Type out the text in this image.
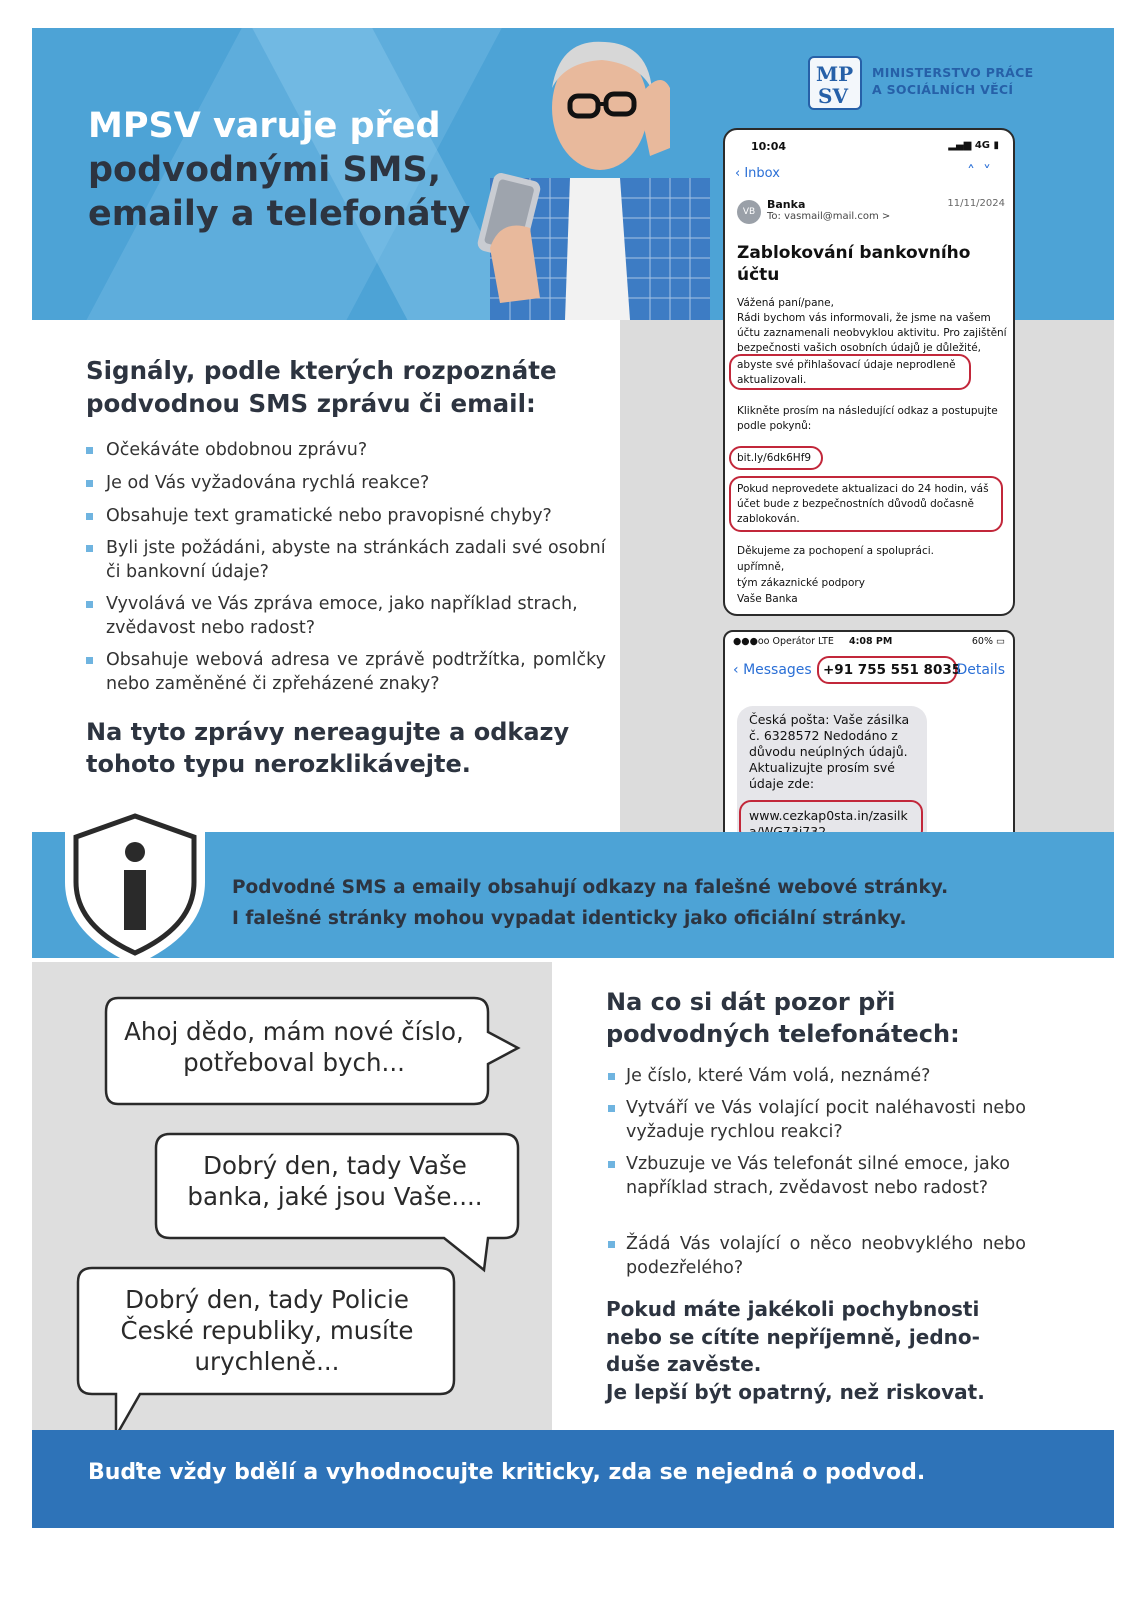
MPSV varuje před
podvodnými SMS,
emaily a telefonáty
MP
SV
MINISTERSTVO PRÁCE
A SOCIÁLNÍCH VĚCÍ
10:04	▂▄▆ 4G ▮
‹ Inbox	˄˅
VB
Banka
To: vasmail@mail.com >
11/11/2024
Zablokování bankovního účtu
Vážená paní/pane,
Rádi bychom vás informovali, že jsme na vašem účtu zaznamenali neobvyklou aktivitu. Pro zajištění bezpečnosti vašich osobních údajů je důležité,
abyste své přihlašovací údaje neprodleně aktualizovali.
Klikněte prosím na následující odkaz a postupujte podle pokynů:
bit.ly/6dk6Hf9
Pokud neprovedete aktualizaci do 24 hodin, váš účet bude z bezpečnostních důvodů dočasně zablokován.
Děkujeme za pochopení a spolupráci.
upřímně,
tým zákaznické podpory
Vaše Banka
●●●oo Operátor LTE 4:08 PM	60% ▭
‹ Messages +91 755 551 8035
Details
Česká pošta: Vaše zásilka č. 6328572 Nedodáno z důvodu neúplných údajů. Aktualizujte prosím své údaje zde:
www.cezkap0sta.in/zasilk
Signály, podle kterých rozpoznáte
podvodnou SMS zprávu či email:
Očekáváte obdobnou zprávu?
Je od Vás vyžadována rychlá reakce?
Obsahuje text gramatické nebo pravopisné chyby?
Byli jste požádáni, abyste na stránkách zadali své osobní či bankovní údaje?
Vyvolává ve Vás zpráva emoce, jako například strach, zvědavost nebo radost?
Obsahuje webová adresa ve zprávě podtržítka, pomlčky nebo zaměněné či zpřeházené znaky?
Na tyto zprávy nereagujte a odkazy
tohoto typu nerozklikávejte.
Podvodné SMS a emaily obsahují odkazy na falešné webové stránky.
I falešné stránky mohou vypadat identicky jako oficiální stránky.
Ahoj dědo, mám nové číslo, potřeboval bych...
Dobrý den, tady Vaše banka, jaké jsou Vaše....
Dobrý den, tady Policie České republiky, musíte urychleně...
Na co si dát pozor při
podvodných telefonátech:
Je číslo, které Vám volá, neznámé?
Vytváří ve Vás volající pocit naléhavosti nebo vyžaduje rychlou reakci?
Vzbuzuje ve Vás telefonát silné emoce, jako například strach, zvědavost nebo radost?
Žádá Vás volající o něco neobvyklého nebo podezřelého?
Pokud máte jakékoli pochybnosti
nebo se cítíte nepříjemně, jedno-
duše zavěste.
Je lepší být opatrný, než riskovat.
Buďte vždy bdělí a vyhodnocujte kriticky, zda se nejedná o podvod.
